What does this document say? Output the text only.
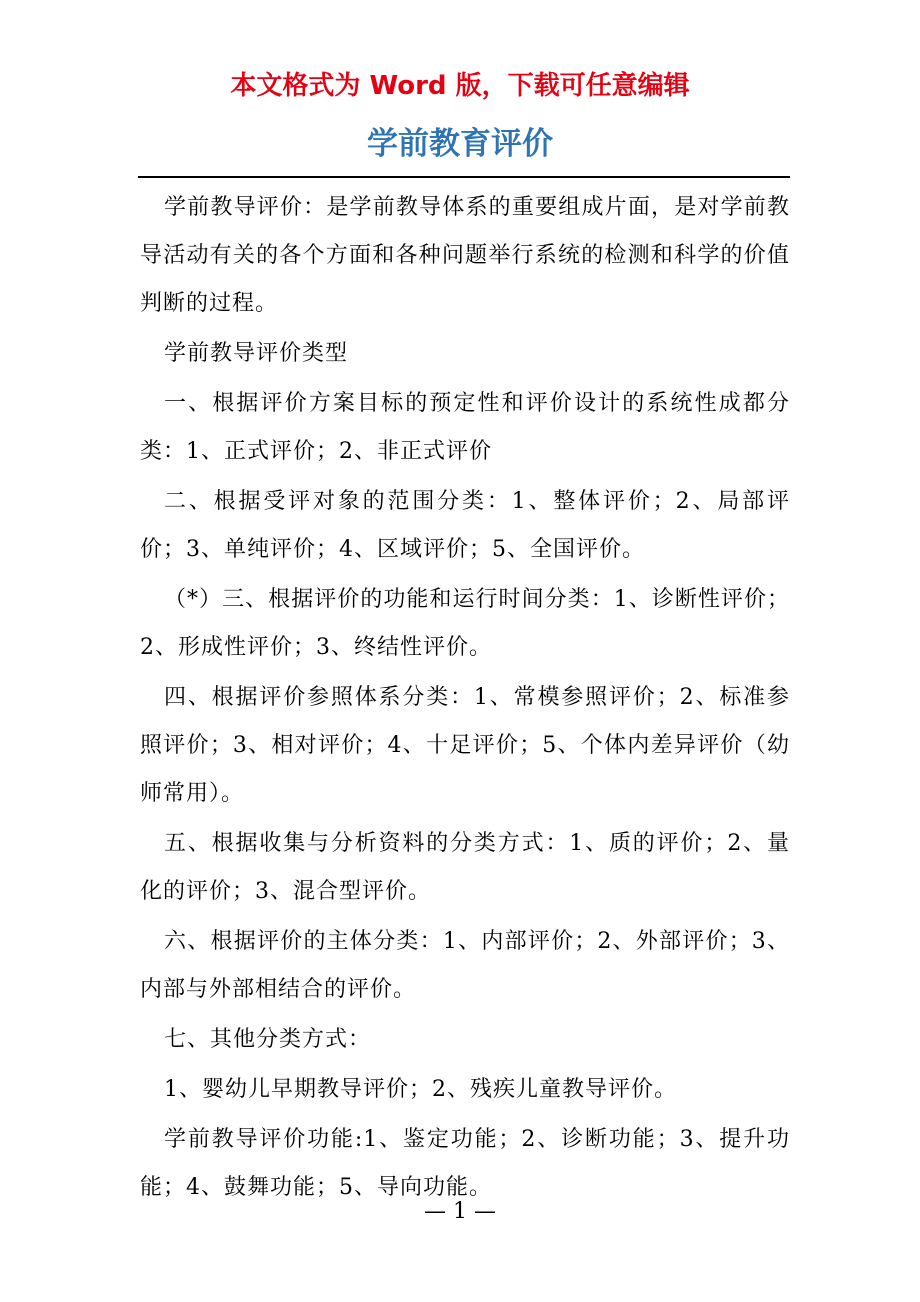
本文格式为 Word 版，下载可任意编辑
学前教育评价

学前教导评价：是学前教导体系的重要组成片面，是对学前教导活动有关的各个方面和各种问题举行系统的检测和科学的价值判断的过程。

学前教导评价类型

一、根据评价方案目标的预定性和评价设计的系统性成都分类：1、正式评价；2、非正式评价

二、根据受评对象的范围分类：1、整体评价；2、局部评价；3、单纯评价；4、区域评价；5、全国评价。

（*）三、根据评价的功能和运行时间分类：1、诊断性评价；2、形成性评价；3、终结性评价。

四、根据评价参照体系分类：1、常模参照评价；2、标准参照评价；3、相对评价；4、十足评价；5、个体内差异评价（幼师常用）。

五、根据收集与分析资料的分类方式：1、质的评价；2、量化的评价；3、混合型评价。

六、根据评价的主体分类：1、内部评价；2、外部评价；3、内部与外部相结合的评价。

七、其他分类方式：

1、婴幼儿早期教导评价；2、残疾儿童教导评价。

学前教导评价功能:1、鉴定功能；2、诊断功能；3、提升功能；4、鼓舞功能；5、导向功能。

— 1 —
